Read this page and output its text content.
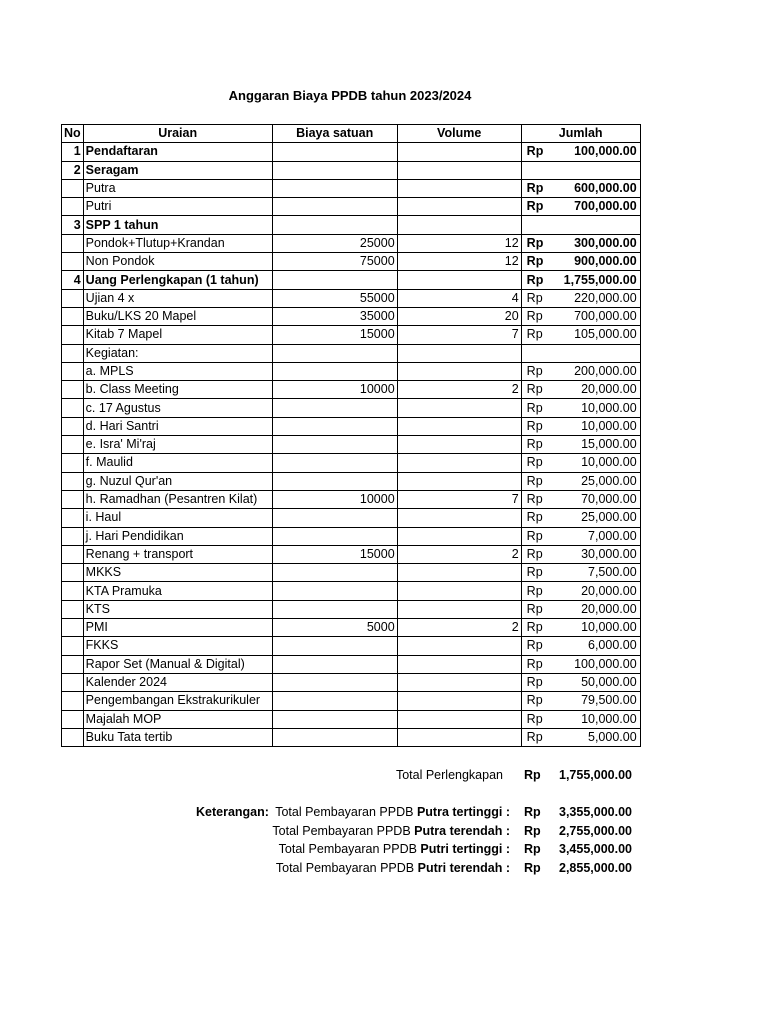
Anggaran Biaya PPDB tahun 2023/2024
No	Uraian	Biaya satuan	Volume	Jumlah	
1	Pendaftaran			Rp	100,000.00
2	Seragam				
	Putra			Rp	600,000.00
	Putri			Rp	700,000.00
3	SPP 1 tahun				
	Pondok+Tlutup+Krandan	25000	12	Rp	300,000.00
	Non Pondok	75000	12	Rp	900,000.00
4	Uang Perlengkapan (1 tahun)			Rp	1,755,000.00
	Ujian 4 x	55000	4	Rp	220,000.00
	Buku/LKS 20 Mapel	35000	20	Rp	700,000.00
	Kitab 7 Mapel	15000	7	Rp	105,000.00
	Kegiatan:				
	a. MPLS			Rp	200,000.00
	b. Class Meeting	10000	2	Rp	20,000.00
	c. 17 Agustus			Rp	10,000.00
	d. Hari Santri			Rp	10,000.00
	e. Isra' Mi'raj			Rp	15,000.00
	f. Maulid			Rp	10,000.00
	g. Nuzul Qur'an			Rp	25,000.00
	h. Ramadhan (Pesantren Kilat)	10000	7	Rp	70,000.00
	i. Haul			Rp	25,000.00
	j. Hari Pendidikan			Rp	7,000.00
	Renang + transport	15000	2	Rp	30,000.00
	MKKS			Rp	7,500.00
	KTA Pramuka			Rp	20,000.00
	KTS			Rp	20,000.00
	PMI	5000	2	Rp	10,000.00
	FKKS			Rp	6,000.00
	Rapor Set (Manual & Digital)			Rp	100,000.00
	Kalender 2024			Rp	50,000.00
	Pengembangan Ekstrakurikuler			Rp	79,500.00
	Majalah MOP			Rp	10,000.00
	Buku Tata tertib			Rp	5,000.00
Total Perlengkapan Rp 1,755,000.00
Keterangan: Total Pembayaran PPDB Putra tertinggi : Rp 3,355,000.00
Total Pembayaran PPDB Putra terendah : Rp 2,755,000.00
Total Pembayaran PPDB Putri tertinggi : Rp 3,455,000.00
Total Pembayaran PPDB Putri terendah : Rp 2,855,000.00
